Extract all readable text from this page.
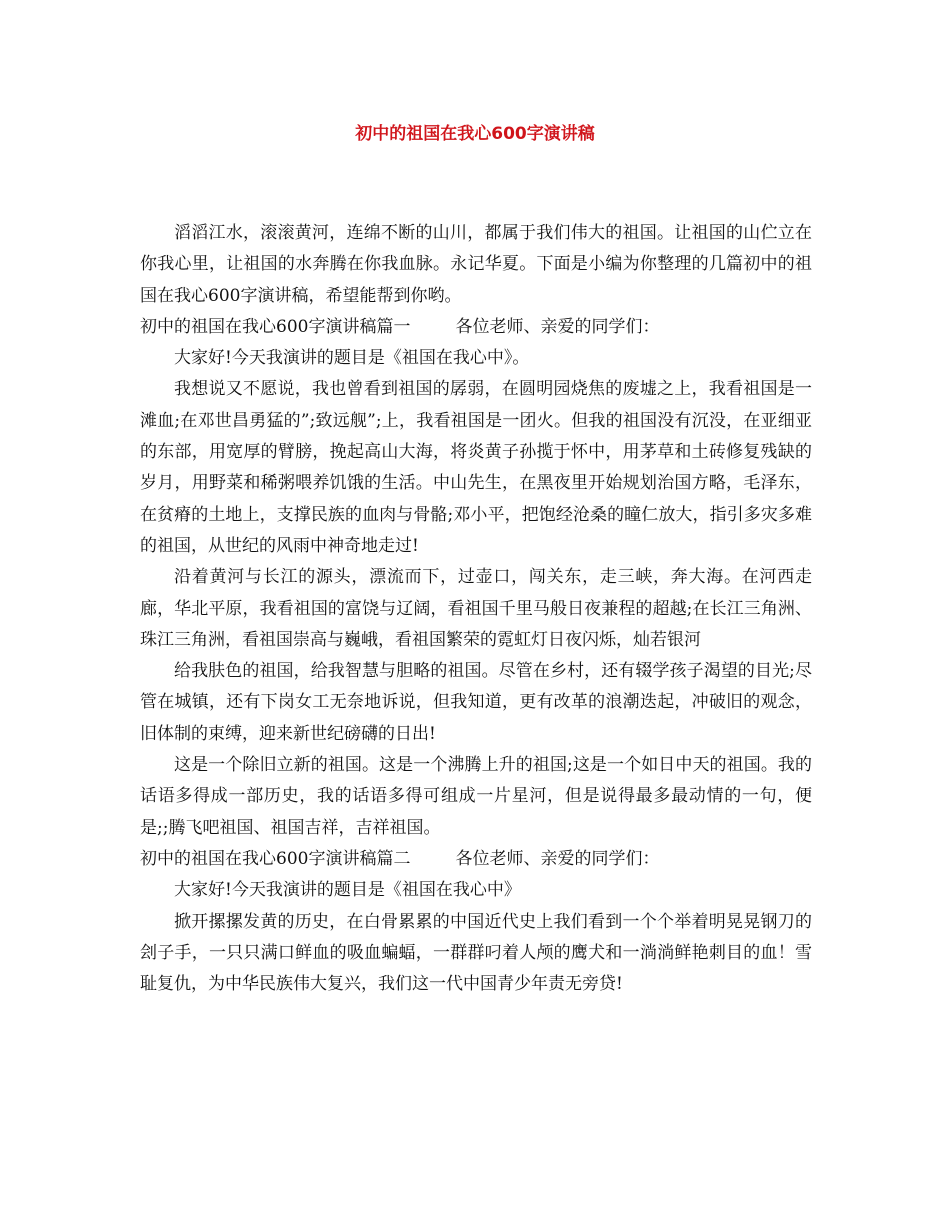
初中的祖国在我心600字演讲稿

滔滔江水，滚滚黄河，连绵不断的山川，都属于我们伟大的祖国。让祖国的山伫立在你我心里，让祖国的水奔腾在你我血脉。永记华夏。下面是小编为你整理的几篇初中的祖国在我心600字演讲稿，希望能帮到你哟。

初中的祖国在我心600字演讲稿篇一	各位老师、亲爱的同学们：

大家好!今天我演讲的题目是《祖国在我心中》。

我想说又不愿说，我也曾看到祖国的孱弱，在圆明园烧焦的废墟之上，我看祖国是一滩血;在邓世昌勇猛的”;致远舰”;上，我看祖国是一团火。但我的祖国没有沉没，在亚细亚的东部，用宽厚的臂膀，挽起高山大海，将炎黄子孙揽于怀中，用茅草和土砖修复残缺的岁月，用野菜和稀粥喂养饥饿的生活。中山先生，在黑夜里开始规划治国方略，毛泽东，在贫瘠的土地上，支撑民族的血肉与骨骼;邓小平，把饱经沧桑的瞳仁放大，指引多灾多难的祖国，从世纪的风雨中神奇地走过!

沿着黄河与长江的源头，漂流而下，过壶口，闯关东，走三峡，奔大海。在河西走廊，华北平原，我看祖国的富饶与辽阔，看祖国千里马般日夜兼程的超越;在长江三角洲、珠江三角洲，看祖国崇高与巍峨，看祖国繁荣的霓虹灯日夜闪烁，灿若银河

给我肤色的祖国，给我智慧与胆略的祖国。尽管在乡村，还有辍学孩子渴望的目光;尽管在城镇，还有下岗女工无奈地诉说，但我知道，更有改革的浪潮迭起，冲破旧的观念，旧体制的束缚，迎来新世纪磅礴的日出!

这是一个除旧立新的祖国。这是一个沸腾上升的祖国;这是一个如日中天的祖国。我的话语多得成一部历史，我的话语多得可组成一片星河，但是说得最多最动情的一句，便是;;腾飞吧祖国、祖国吉祥，吉祥祖国。

初中的祖国在我心600字演讲稿篇二	各位老师、亲爱的同学们：

大家好!今天我演讲的题目是《祖国在我心中》

掀开摞摞发黄的历史，在白骨累累的中国近代史上我们看到一个个举着明晃晃钢刀的刽子手，一只只满口鲜血的吸血蝙蝠，一群群叼着人颅的鹰犬和一淌淌鲜艳刺目的血！雪耻复仇，为中华民族伟大复兴，我们这一代中国青少年责无旁贷!
